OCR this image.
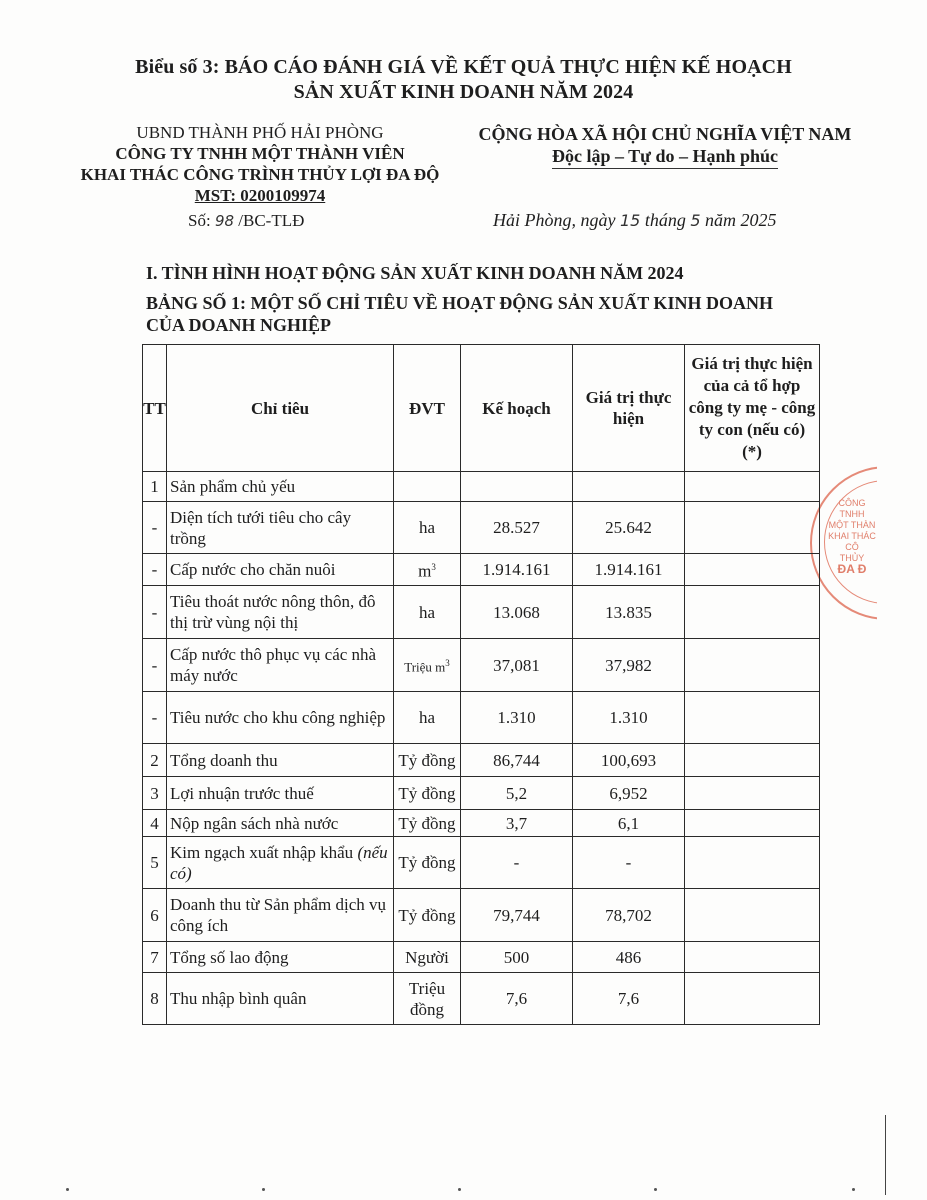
Biểu số 3: BÁO CÁO ĐÁNH GIÁ VỀ KẾT QUẢ THỰC HIỆN KẾ HOẠCH
SẢN XUẤT KINH DOANH NĂM 2024
UBND THÀNH PHỐ HẢI PHÒNG
CÔNG TY TNHH MỘT THÀNH VIÊN
KHAI THÁC CÔNG TRÌNH THỦY LỢI ĐA ĐỘ
MST: 0200109974
Số: 98 /BC-TLĐ
CỘNG HÒA XÃ HỘI CHỦ NGHĨA VIỆT NAM
Độc lập – Tự do – Hạnh phúc
Hải Phòng, ngày 15 tháng 5 năm 2025
I. TÌNH HÌNH HOẠT ĐỘNG SẢN XUẤT KINH DOANH NĂM 2024
BẢNG SỐ 1: MỘT SỐ CHỈ TIÊU VỀ HOẠT ĐỘNG SẢN XUẤT KINH DOANH
CỦA DOANH NGHIỆP
CÔNG
TNHH
MỘT THÀN
KHAI THÁC CÔ
THỦY
ĐA Đ
TT	Chỉ tiêu	ĐVT	Kế hoạch	Giá trị thực hiện	Giá trị thực hiện của cả tổ hợp công ty mẹ - công ty con (nếu có) (*)
1	Sản phẩm chủ yếu				
-	Diện tích tưới tiêu cho cây trồng	ha	28.527	25.642	
-	Cấp nước cho chăn nuôi	$m^3$	1.914.161	1.914.161	
-	Tiêu thoát nước nông thôn, đô thị trừ vùng nội thị	ha	13.068	13.835	
-	Cấp nước thô phục vụ các nhà máy nước	Triệu $m^3$	37,081	37,982	
-	Tiêu nước cho khu công nghiệp	ha	1.310	1.310	
2	Tổng doanh thu	Tỷ đồng	86,744	100,693	
3	Lợi nhuận trước thuế	Tỷ đồng	5,2	6,952	
4	Nộp ngân sách nhà nước	Tỷ đồng	3,7	6,1	
5	Kim ngạch xuất nhập khẩu (nếu có)	Tỷ đồng	-	-	
6	Doanh thu từ Sản phẩm dịch vụ công ích	Tỷ đồng	79,744	78,702	
7	Tổng số lao động	Người	500	486	
8	Thu nhập bình quân	Triệu đồng	7,6	7,6	
